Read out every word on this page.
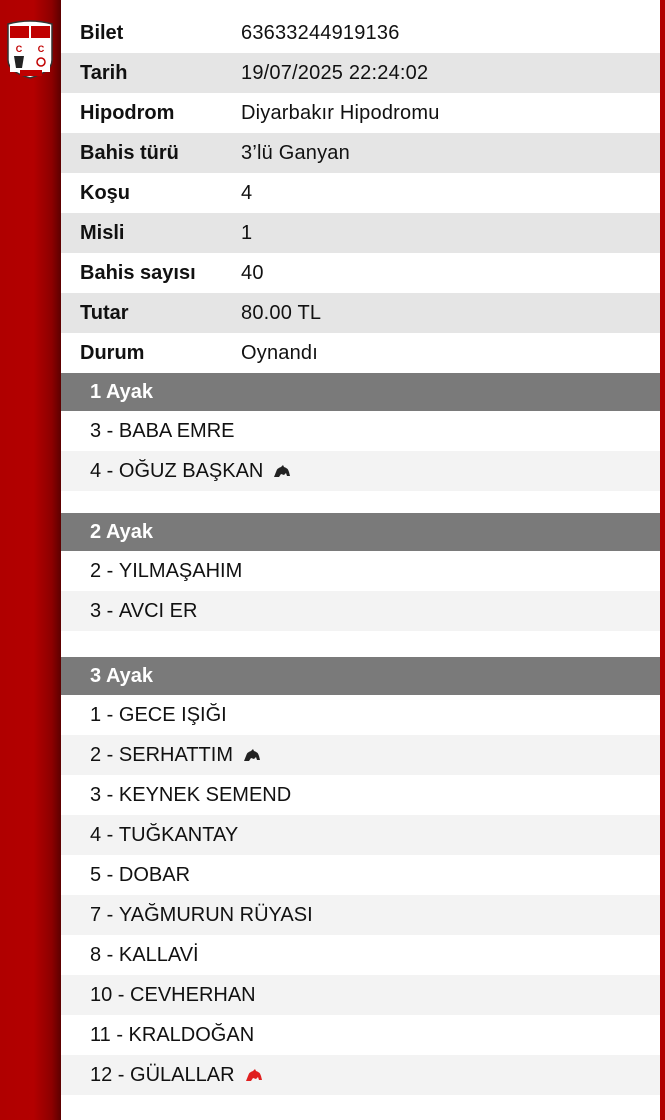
C C
Bilet	63633244919136
Tarih	19/07/2025 22:24:02
Hipodrom	Diyarbakır Hipodromu
Bahis türü	3’lü Ganyan
Koşu	4
Misli	1
Bahis sayısı	40
Tutar	80.00 TL
Durum	Oynandı
1 Ayak
3 - BABA EMRE
4 - OĞUZ BAŞKAN
2 Ayak
2 - YILMAŞAHIM
3 - AVCI ER
3 Ayak
1 - GECE IŞIĞI
2 - SERHATTIM
3 - KEYNEK SEMEND
4 - TUĞKANTAY
5 - DOBAR
7 - YAĞMURUN RÜYASI
8 - KALLAVİ
10 - CEVHERHAN
11 - KRALDOĞAN
12 - GÜLALLAR
